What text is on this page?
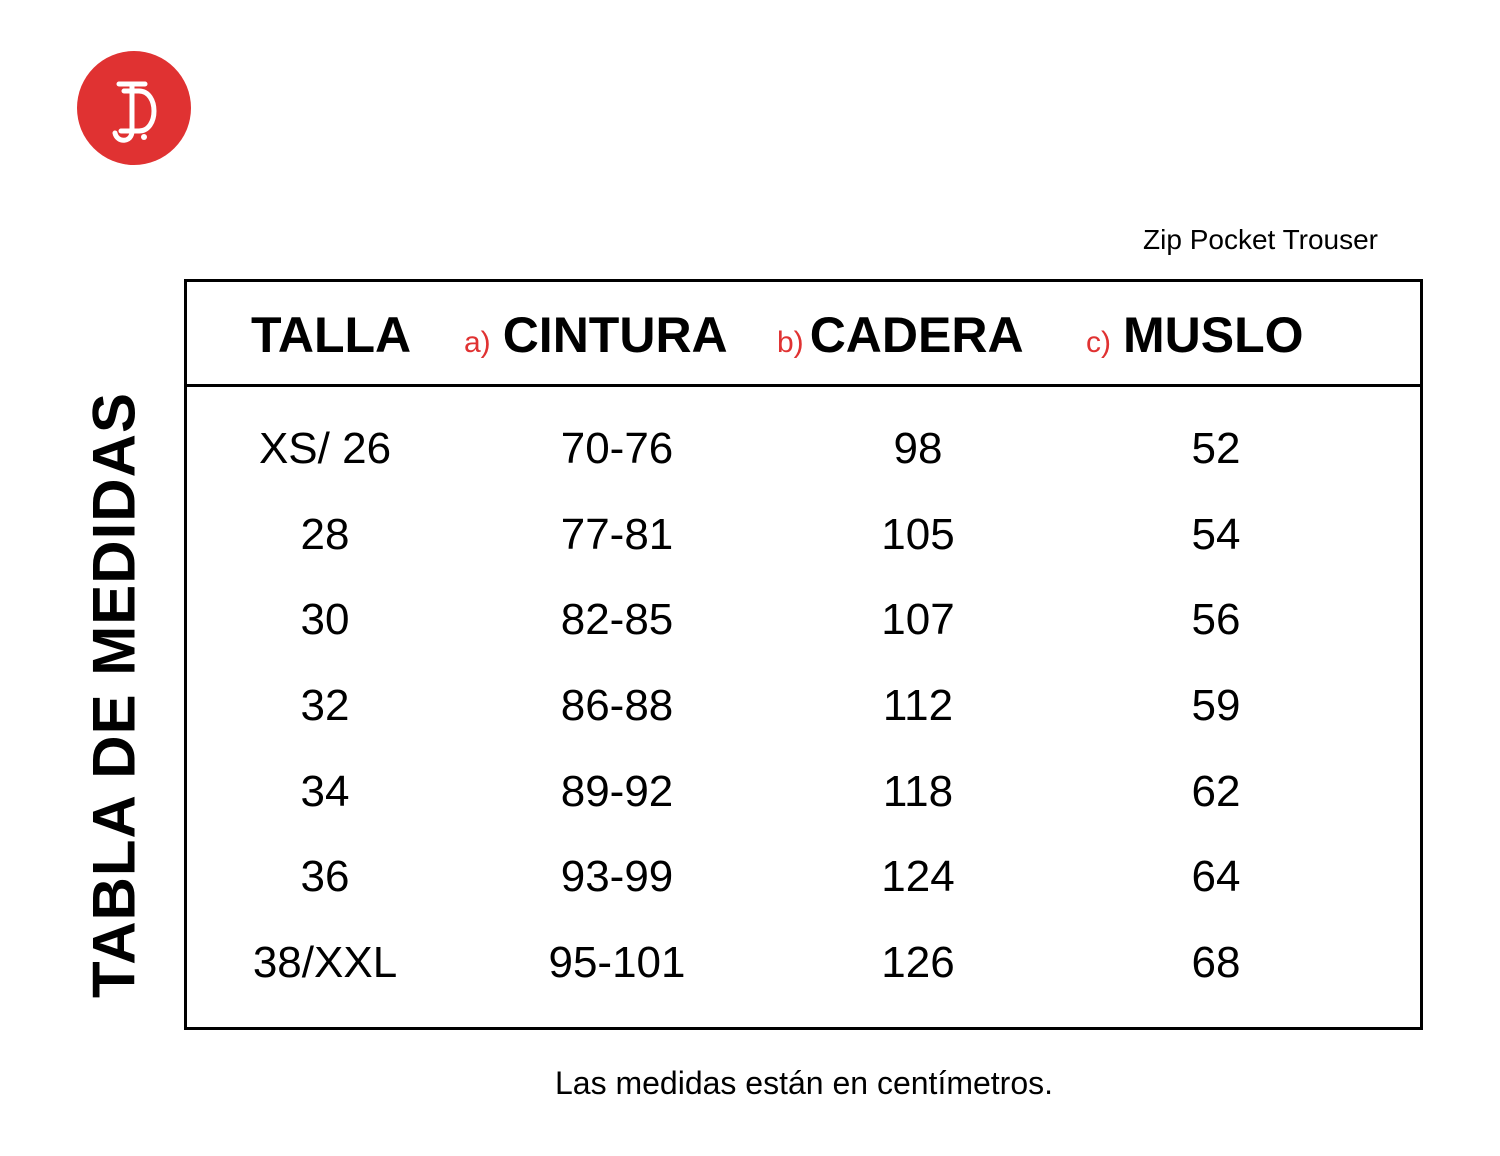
Zip Pocket Trouser
TABLA DE MEDIDAS
TALLA a) CINTURA b) CADERA c) MUSLO
XS/ 26	70-76	98	52
28	77-81	105	54
30	82-85	107	56
32	86-88	112	59
34	89-92	118	62
36	93-99	124	64
38/XXL	95-101	126	68
Las medidas están en centímetros.
